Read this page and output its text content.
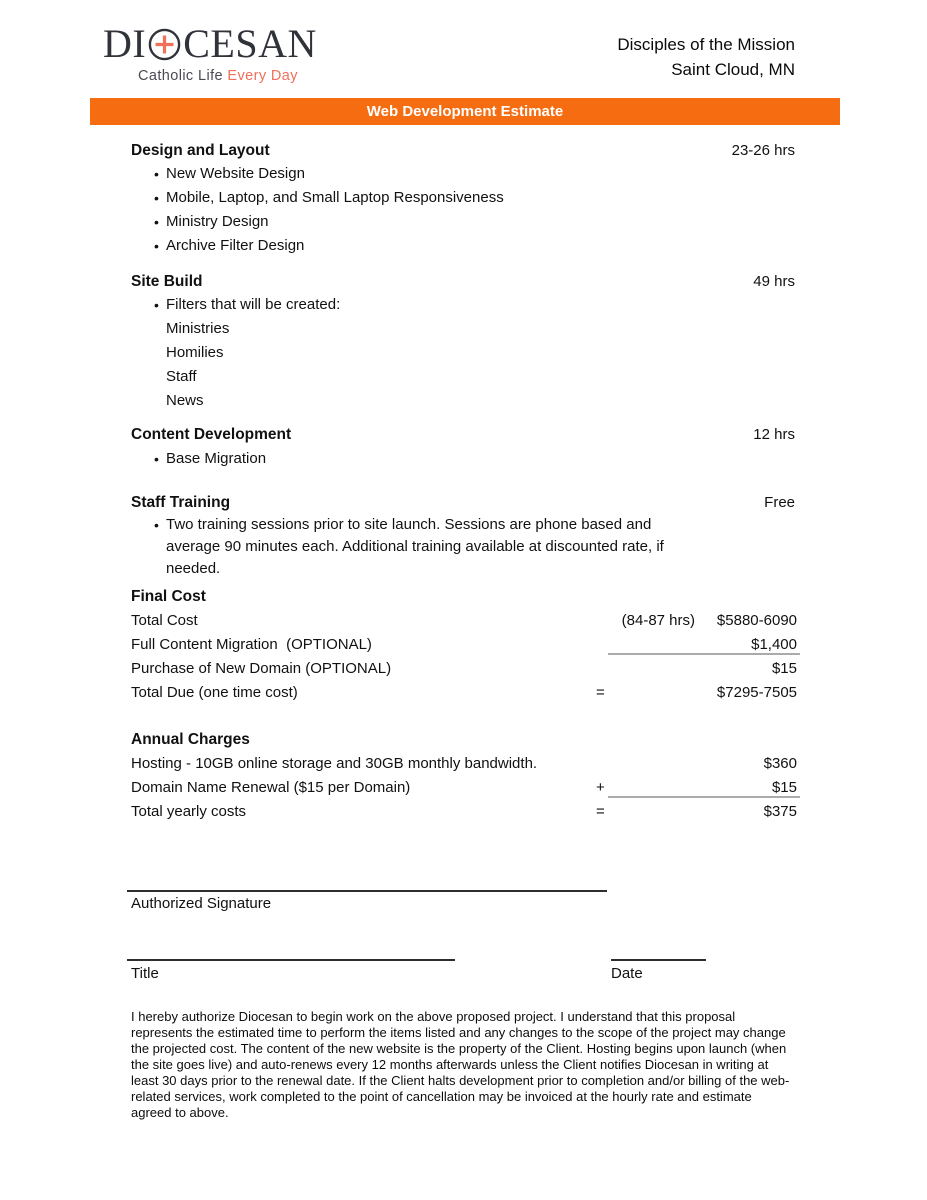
DI CESAN
Catholic Life Every Day
Disciples of the Mission
Saint Cloud, MN
Web Development Estimate
Design and Layout	23-26 hrs
• New Website Design
• Mobile, Laptop, and Small Laptop Responsiveness
• Ministry Design
• Archive Filter Design
Site Build	49 hrs
• Filters that will be created:
Ministries
Homilies
Staff
News
Content Development	12 hrs
• Base Migration
Staff Training	Free
• Two training sessions prior to site launch. Sessions are phone based and average 90 minutes each. Additional training available at discounted rate, if needed.
Final Cost
Total Cost	(84-87 hrs)	$5880-6090
Full Content Migration  (OPTIONAL)	$1,400
Purchase of New Domain (OPTIONAL)	$15
Total Due (one time cost)	=	$7295-7505
Annual Charges
Hosting - 10GB online storage and 30GB monthly bandwidth.	$360
Domain Name Renewal ($15 per Domain)	+	$15
Total yearly costs	=	$375
Authorized Signature
Title	Date
I hereby authorize Diocesan to begin work on the above proposed project. I understand that this proposal represents the estimated time to perform the items listed and any changes to the scope of the project may change the projected cost. The content of the new website is the property of the Client. Hosting begins upon launch (when the site goes live) and auto-renews every 12 months afterwards unless the Client notifies Diocesan in writing at least 30 days prior to the renewal date. If the Client halts development prior to completion and/or billing of the web-related services, work completed to the point of cancellation may be invoiced at the hourly rate and estimate agreed to above.
